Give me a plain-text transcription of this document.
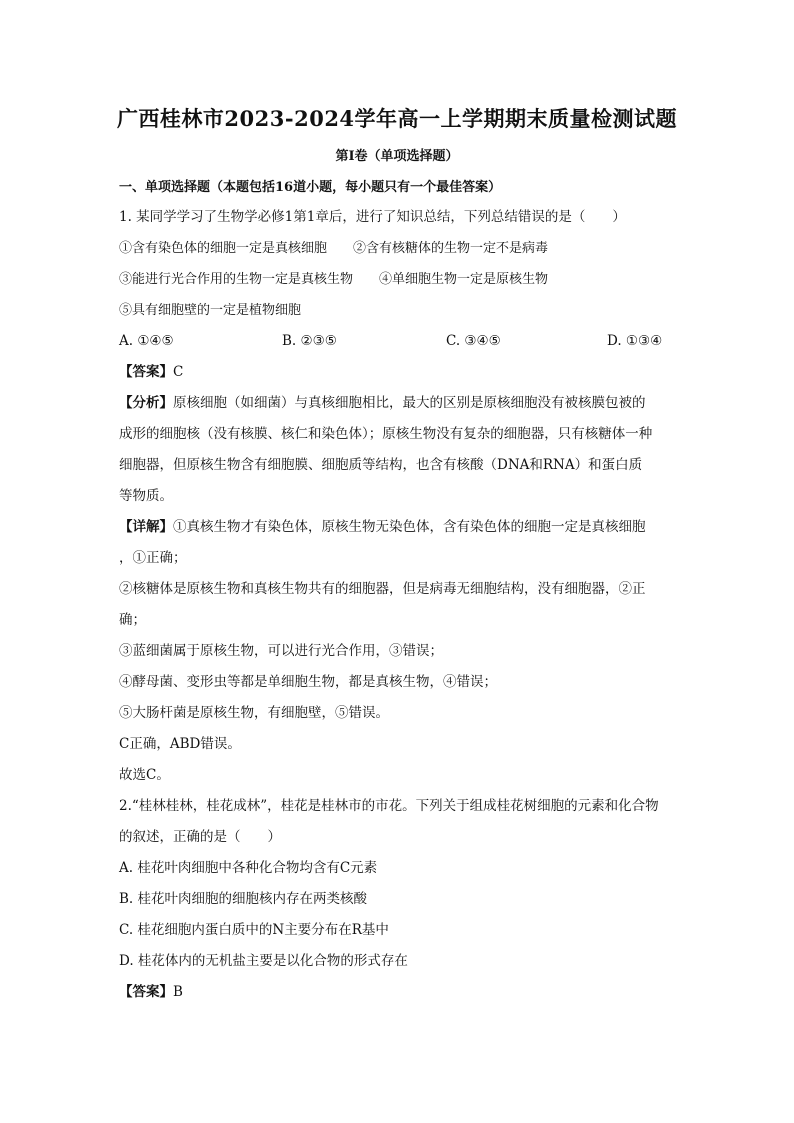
广西桂林市2023-2024学年高一上学期期末质量检测试题
第Ⅰ卷（单项选择题）
一、单项选择题（本题包括16道小题，每小题只有一个最佳答案）
1. 某同学学习了生物学必修1第1章后，进行了知识总结，下列总结错误的是（　　）
①含有染色体的细胞一定是真核细胞　　②含有核糖体的生物一定不是病毒
③能进行光合作用的生物一定是真核生物　　④单细胞生物一定是原核生物
⑤具有细胞壁的一定是植物细胞
A. ①④⑤	B. ②③⑤	C. ③④⑤	D. ①③④
【答案】C
【分析】原核细胞（如细菌）与真核细胞相比，最大的区别是原核细胞没有被核膜包被的
成形的细胞核（没有核膜、核仁和染色体）；原核生物没有复杂的细胞器，只有核糖体一种
细胞器，但原核生物含有细胞膜、细胞质等结构，也含有核酸（DNA和RNA）和蛋白质
等物质。
【详解】①真核生物才有染色体，原核生物无染色体，含有染色体的细胞一定是真核细胞
，①正确；
②核糖体是原核生物和真核生物共有的细胞器，但是病毒无细胞结构，没有细胞器，②正
确；
③蓝细菌属于原核生物，可以进行光合作用，③错误；
④酵母菌、变形虫等都是单细胞生物，都是真核生物，④错误；
⑤大肠杆菌是原核生物，有细胞壁，⑤错误。
C正确，ABD错误。
故选C。
2.“桂林桂林，桂花成林”，桂花是桂林市的市花。下列关于组成桂花树细胞的元素和化合物
的叙述，正确的是（　　）
A. 桂花叶肉细胞中各种化合物均含有C元素
B. 桂花叶肉细胞的细胞核内存在两类核酸
C. 桂花细胞内蛋白质中的N主要分布在R基中
D. 桂花体内的无机盐主要是以化合物的形式存在
【答案】B
